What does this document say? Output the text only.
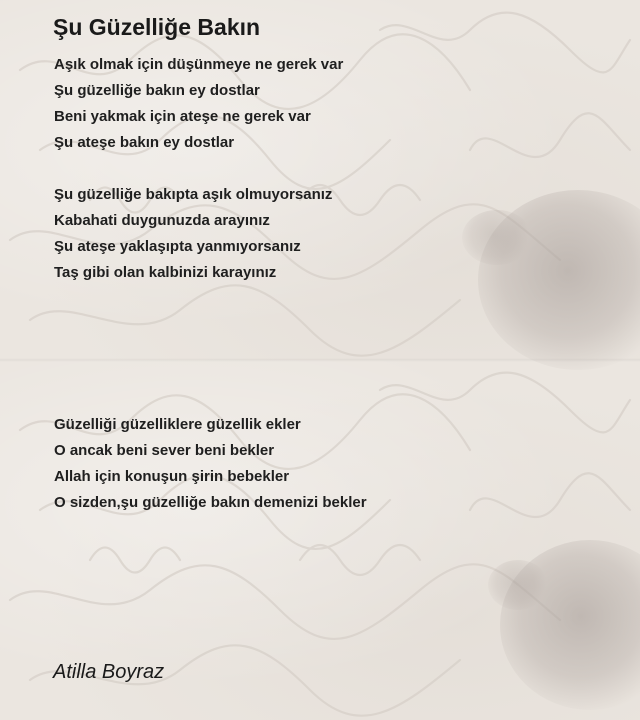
Şu Güzelliğe Bakın
Aşık olmak için düşünmeye ne gerek var
Şu güzelliğe bakın ey dostlar
Beni yakmak için ateşe ne gerek var
Şu ateşe bakın ey dostlar
Şu güzelliğe bakıpta aşık olmuyorsanız
Kabahati duygunuzda arayınız
Şu ateşe yaklaşıpta yanmıyorsanız
Taş gibi olan kalbinizi karayınız
Güzelliği güzelliklere güzellik ekler
O ancak beni sever beni bekler
Allah için konuşun şirin bebekler
O sizden,şu güzelliğe bakın demenizi bekler
Atilla Boyraz
